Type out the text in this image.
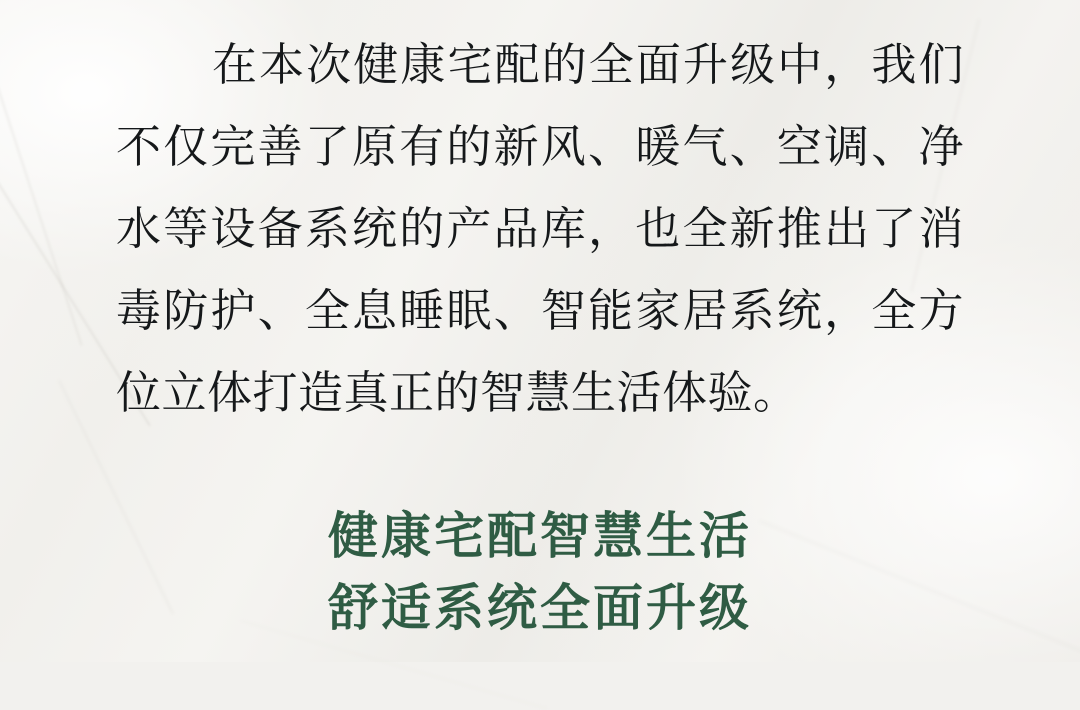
在本次健康宅配的全面升级中，我们不仅完善了原有的新风、暖气、空调、净水等设备系统的产品库，也全新推出了消毒防护、全息睡眠、智能家居系统，全方位立体打造真正的智慧生活体验。

健康宅配智慧生活
舒适系统全面升级
